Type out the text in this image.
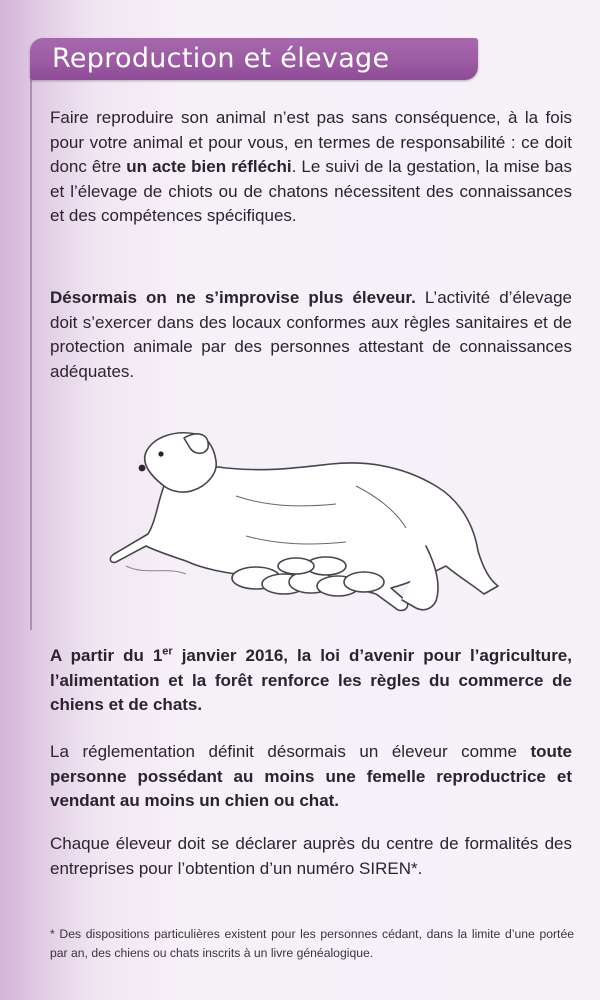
Reproduction et élevage

Faire reproduire son animal n’est pas sans conséquence, à la fois pour votre animal et pour vous, en termes de responsabilité : ce doit donc être un acte bien réfléchi. Le suivi de la gestation, la mise bas et l’élevage de chiots ou de chatons nécessitent des connaissances et des compétences spécifiques.

Désormais on ne s’improvise plus éleveur. L’activité d’élevage doit s’exercer dans des locaux conformes aux règles sanitaires et de protection animale par des personnes attestant de connaissances adéquates.

A partir du 1er janvier 2016, la loi d’avenir pour l’agriculture, l’alimentation et la forêt renforce les règles du commerce de chiens et de chats.

La réglementation définit désormais un éleveur comme toute personne possédant au moins une femelle reproductrice et vendant au moins un chien ou chat.

Chaque éleveur doit se déclarer auprès du centre de formalités des entreprises pour l’obtention d’un numéro SIREN*.

* Des dispositions particulières existent pour les personnes cédant, dans la limite d’une portée par an, des chiens ou chats inscrits à un livre généalogique.
